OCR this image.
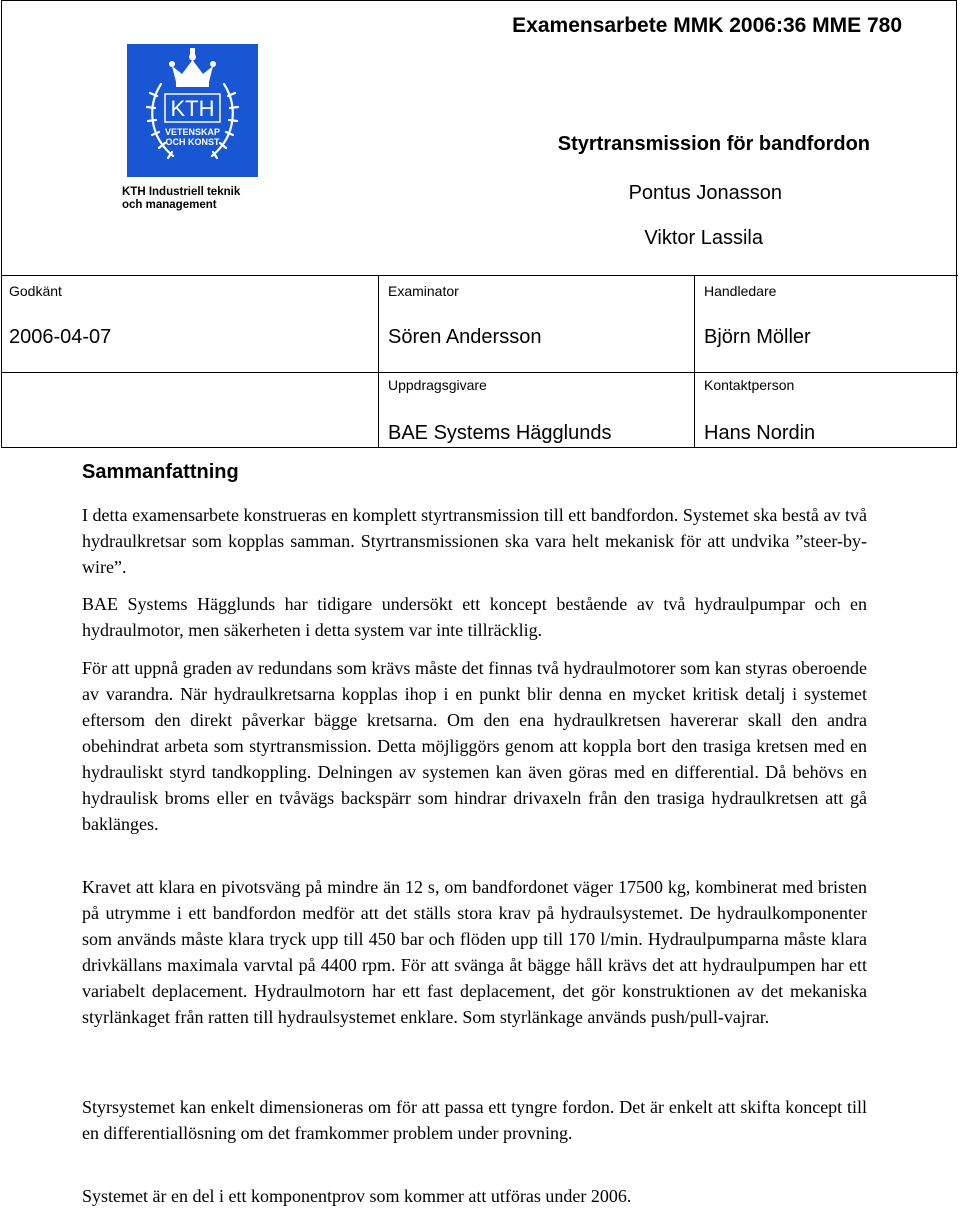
Examensarbete MMK 2006:36 MME 780
KTH
VETENSKAP
OCH KONST
KTH Industriell teknik
och management
Styrtransmission för bandfordon
Pontus Jonasson
Viktor Lassila
Godkänt
2006-04-07
Examinator
Sören Andersson
Handledare
Björn Möller
Uppdragsgivare
BAE Systems Hägglunds
Kontaktperson
Hans Nordin
Sammanfattning
I detta examensarbete konstrueras en komplett styrtransmission till ett bandfordon. Systemet ska bestå av två hydraulkretsar som kopplas samman. Styrtransmissionen ska vara helt mekanisk för att undvika ”steer-by-wire”.
BAE Systems Hägglunds har tidigare undersökt ett koncept bestående av två hydraulpumpar och en hydraulmotor, men säkerheten i detta system var inte tillräcklig.
För att uppnå graden av redundans som krävs måste det finnas två hydraulmotorer som kan styras oberoende av varandra. När hydraulkretsarna kopplas ihop i en punkt blir denna en mycket kritisk detalj i systemet eftersom den direkt påverkar bägge kretsarna. Om den ena hydraulkretsen havererar skall den andra obehindrat arbeta som styrtransmission. Detta möjliggörs genom att koppla bort den trasiga kretsen med en hydrauliskt styrd tandkoppling. Delningen av systemen kan även göras med en differential. Då behövs en hydraulisk broms eller en tvåvägs backspärr som hindrar drivaxeln från den trasiga hydraulkretsen att gå baklänges.
Kravet att klara en pivotsväng på mindre än 12 s, om bandfordonet väger 17500 kg, kombinerat med bristen på utrymme i ett bandfordon medför att det ställs stora krav på hydraulsystemet. De hydraulkomponenter som används måste klara tryck upp till 450 bar och flöden upp till 170 l/min. Hydraulpumparna måste klara drivkällans maximala varvtal på 4400 rpm. För att svänga åt bägge håll krävs det att hydraulpumpen har ett variabelt deplacement. Hydraulmotorn har ett fast deplacement, det gör konstruktionen av det mekaniska styrlänkaget från ratten till hydraulsystemet enklare. Som styrlänkage används push/pull-vajrar.
Styrsystemet kan enkelt dimensioneras om för att passa ett tyngre fordon. Det är enkelt att skifta koncept till en differentiallösning om det framkommer problem under provning.
Systemet är en del i ett komponentprov som kommer att utföras under 2006.
